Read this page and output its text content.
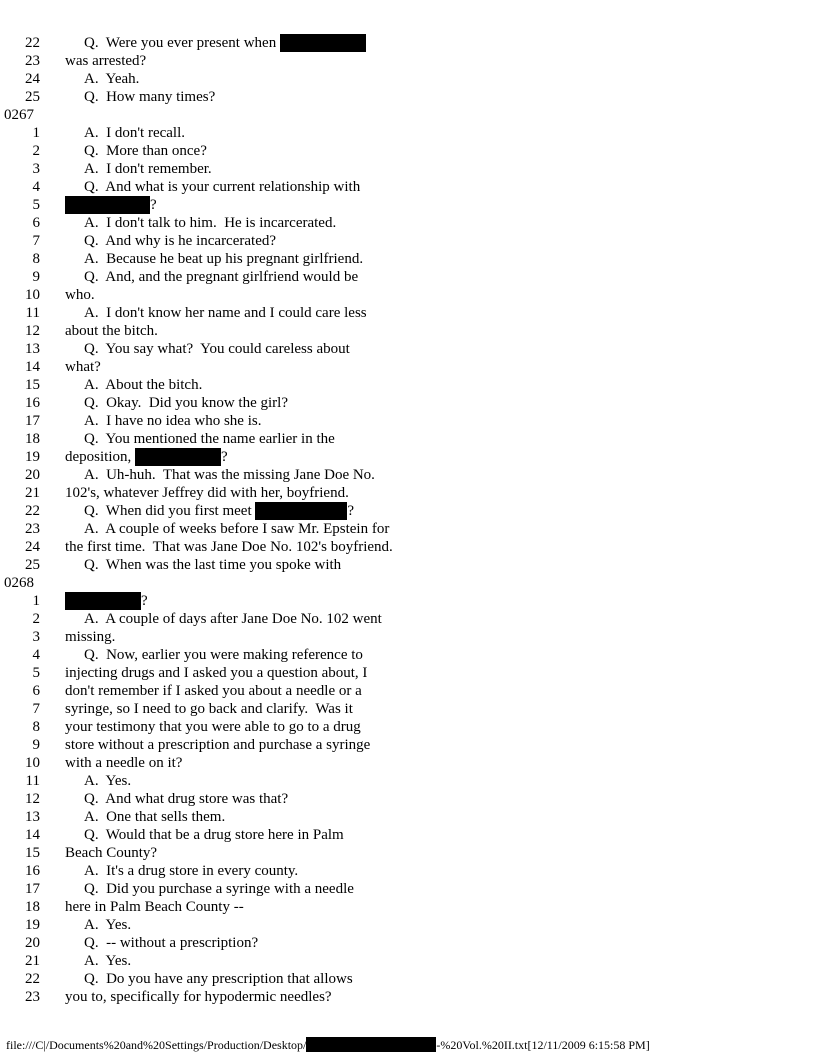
22	Q.  Were you ever present when
23 was arrested?
24	A.  Yeah.
25	Q.  How many times?
0267
1	A.  I don't recall.
2	Q.  More than once?
3	A.  I don't remember.
4	Q.  And what is your current relationship with
5	?
6	A.  I don't talk to him.  He is incarcerated.
7	Q.  And why is he incarcerated?
8	A.  Because he beat up his pregnant girlfriend.
9	Q.  And, and the pregnant girlfriend would be
10 who.
11	A.  I don't know her name and I could care less
12 about the bitch.
13	Q.  You say what?  You could careless about
14 what?
15	A.  About the bitch.
16	Q.  Okay.  Did you know the girl?
17	A.  I have no idea who she is.
18	Q.  You mentioned the name earlier in the
19 deposition,	?
20	A.  Uh-huh.  That was the missing Jane Doe No.
21 102's, whatever Jeffrey did with her, boyfriend.
22	Q.  When did you first meet	?
23	A.  A couple of weeks before I saw Mr. Epstein for
24 the first time.  That was Jane Doe No. 102's boyfriend.
25	Q.  When was the last time you spoke with
0268
1	?
2	A.  A couple of days after Jane Doe No. 102 went
3 missing.
4	Q.  Now, earlier you were making reference to
5 injecting drugs and I asked you a question about, I
6 don't remember if I asked you about a needle or a
7 syringe, so I need to go back and clarify.  Was it
8 your testimony that you were able to go to a drug
9 store without a prescription and purchase a syringe
10 with a needle on it?
11	A.  Yes.
12	Q.  And what drug store was that?
13	A.  One that sells them.
14	Q.  Would that be a drug store here in Palm
15 Beach County?
16	A.  It's a drug store in every county.
17	Q.  Did you purchase a syringe with a needle
18 here in Palm Beach County --
19	A.  Yes.
20	Q.  -- without a prescription?
21	A.  Yes.
22	Q.  Do you have any prescription that allows
23 you to, specifically for hypodermic needles?
file:///C|/Documents%20and%20Settings/Production/Desktop/	-%20Vol.%20II.txt[12/11/2009 6:15:58 PM]
